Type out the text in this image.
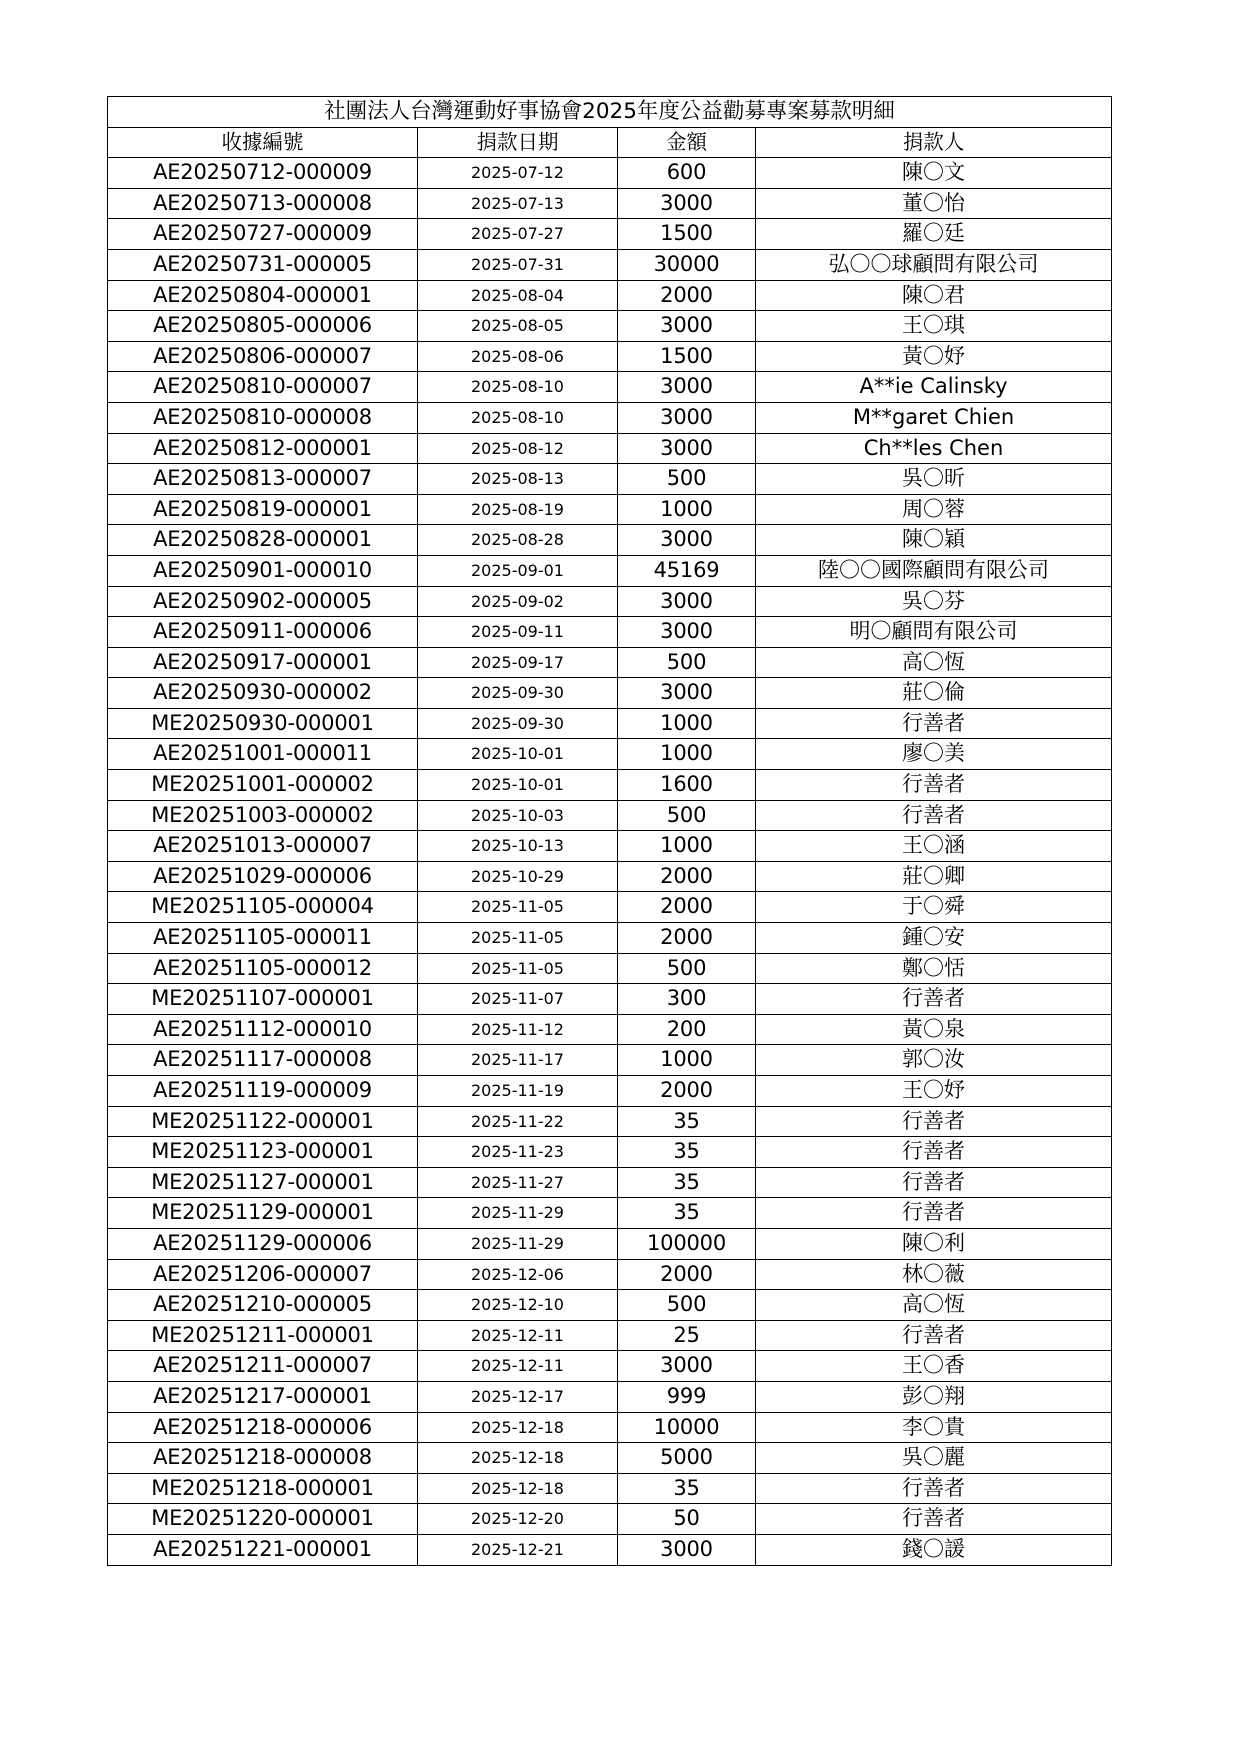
社團法人台灣運動好事協會2025年度公益勸募專案募款明細			
收據編號	捐款日期	金額	捐款人
AE20250712-000009	2025-07-12	600	陳〇文
AE20250713-000008	2025-07-13	3000	董〇怡
AE20250727-000009	2025-07-27	1500	羅〇廷
AE20250731-000005	2025-07-31	30000	弘〇〇球顧問有限公司
AE20250804-000001	2025-08-04	2000	陳〇君
AE20250805-000006	2025-08-05	3000	王〇琪
AE20250806-000007	2025-08-06	1500	黃〇妤
AE20250810-000007	2025-08-10	3000	A**ie Calinsky
AE20250810-000008	2025-08-10	3000	M**garet Chien
AE20250812-000001	2025-08-12	3000	Ch**les Chen
AE20250813-000007	2025-08-13	500	吳〇昕
AE20250819-000001	2025-08-19	1000	周〇蓉
AE20250828-000001	2025-08-28	3000	陳〇穎
AE20250901-000010	2025-09-01	45169	陸〇〇國際顧問有限公司
AE20250902-000005	2025-09-02	3000	吳〇芬
AE20250911-000006	2025-09-11	3000	明〇顧問有限公司
AE20250917-000001	2025-09-17	500	高〇恆
AE20250930-000002	2025-09-30	3000	莊〇倫
ME20250930-000001	2025-09-30	1000	行善者
AE20251001-000011	2025-10-01	1000	廖〇美
ME20251001-000002	2025-10-01	1600	行善者
ME20251003-000002	2025-10-03	500	行善者
AE20251013-000007	2025-10-13	1000	王〇涵
AE20251029-000006	2025-10-29	2000	莊〇卿
ME20251105-000004	2025-11-05	2000	于〇舜
AE20251105-000011	2025-11-05	2000	鍾〇安
AE20251105-000012	2025-11-05	500	鄭〇恬
ME20251107-000001	2025-11-07	300	行善者
AE20251112-000010	2025-11-12	200	黃〇泉
AE20251117-000008	2025-11-17	1000	郭〇汝
AE20251119-000009	2025-11-19	2000	王〇妤
ME20251122-000001	2025-11-22	35	行善者
ME20251123-000001	2025-11-23	35	行善者
ME20251127-000001	2025-11-27	35	行善者
ME20251129-000001	2025-11-29	35	行善者
AE20251129-000006	2025-11-29	100000	陳〇利
AE20251206-000007	2025-12-06	2000	林〇薇
AE20251210-000005	2025-12-10	500	高〇恆
ME20251211-000001	2025-12-11	25	行善者
AE20251211-000007	2025-12-11	3000	王〇香
AE20251217-000001	2025-12-17	999	彭〇翔
AE20251218-000006	2025-12-18	10000	李〇貴
AE20251218-000008	2025-12-18	5000	吳〇麗
ME20251218-000001	2025-12-18	35	行善者
ME20251220-000001	2025-12-20	50	行善者
AE20251221-000001	2025-12-21	3000	錢〇諼
